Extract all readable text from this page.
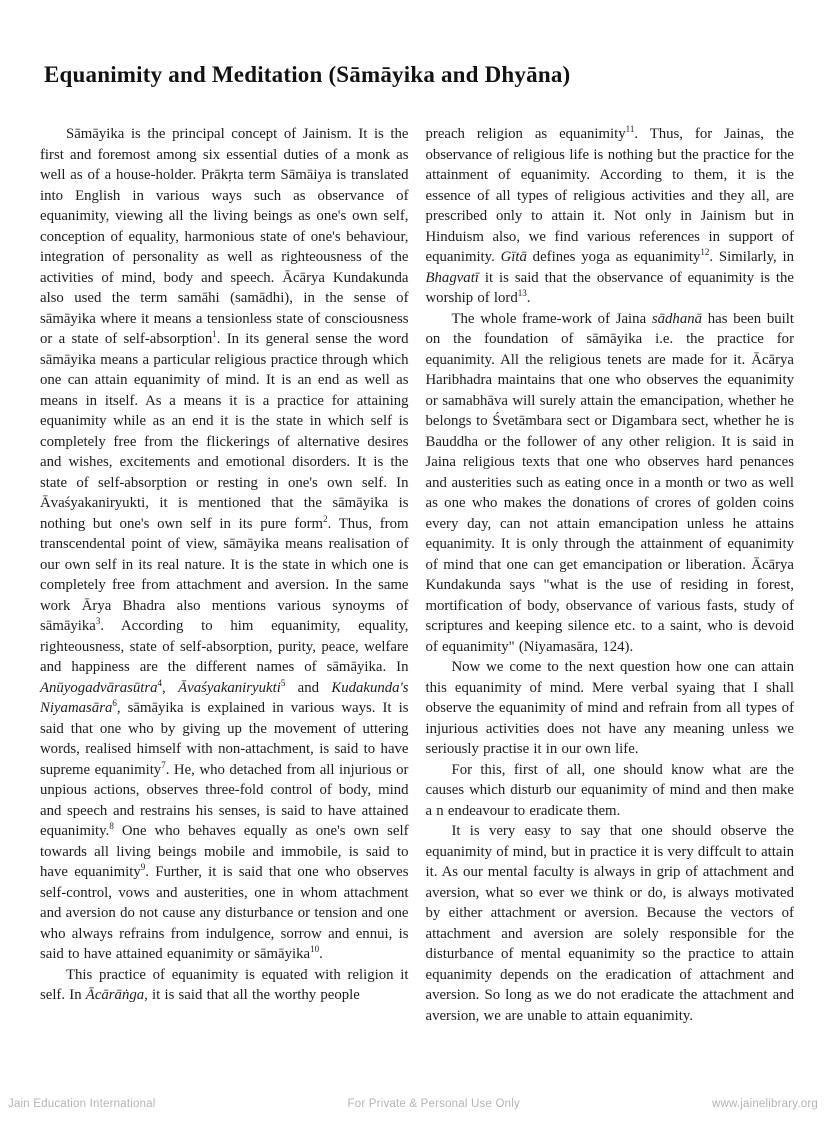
Equanimity and Meditation (Sāmāyika and Dhyāna)

Sāmāyika is the principal concept of Jainism. It is the first and foremost among six essential duties of a monk as well as of a house-holder. Prākṛta term Sāmāiya is translated into English in various ways such as observance of equanimity, viewing all the living beings as one's own self, conception of equality, harmonious state of one's behaviour, integration of personality as well as righteousness of the activities of mind, body and speech. Ācārya Kundakunda also used the term samāhi (samādhi), in the sense of sāmāyika where it means a tensionless state of consciousness or a state of self-absorption$^1$. In its general sense the word sāmāyika means a particular religious practice through which one can attain equanimity of mind. It is an end as well as means in itself. As a means it is a practice for attaining equanimity while as an end it is the state in which self is completely free from the flickerings of alternative desires and wishes, excitements and emotional disorders. It is the state of self-absorption or resting in one's own self. In Āvaśyakaniryukti, it is mentioned that the sāmāyika is nothing but one's own self in its pure form$^2$. Thus, from transcendental point of view, sāmāyika means realisation of our own self in its real nature. It is the state in which one is completely free from attachment and aversion. In the same work Ārya Bhadra also mentions various synoyms of sāmāyika$^3$. According to him equanimity, equality, righteousness, state of self-absorption, purity, peace, welfare and happiness are the different names of sāmāyika. In Anūyogadvārasūtra$^4$, Āvaśyakaniryukti$^5$ and Kudakunda's Niyamasāra$^6$, sāmāyika is explained in various ways. It is said that one who by giving up the movement of uttering words, realised himself with non-attachment, is said to have supreme equanimity$^7$. He, who detached from all injurious or unpious actions, observes three-fold control of body, mind and speech and restrains his senses, is said to have attained equanimity.$^8$ One who behaves equally as one's own self towards all living beings mobile and immobile, is said to have equanimity$^9$. Further, it is said that one who observes self-control, vows and austerities, one in whom attachment and aversion do not cause any disturbance or tension and one who always refrains from indulgence, sorrow and ennui, is said to have attained equanimity or sāmāyika$^{10}$.

This practice of equanimity is equated with religion it self. In Ācārāṅga, it is said that all the worthy people

preach religion as equanimity$^{11}$. Thus, for Jainas, the observance of religious life is nothing but the practice for the attainment of equanimity. According to them, it is the essence of all types of religious activities and they all, are prescribed only to attain it. Not only in Jainism but in Hinduism also, we find various references in support of equanimity. Gītā defines yoga as equanimity$^{12}$. Similarly, in Bhagvatī it is said that the observance of equanimity is the worship of lord$^{13}$.

The whole frame-work of Jaina sādhanā has been built on the foundation of sāmāyika i.e. the practice for equanimity. All the religious tenets are made for it. Ācārya Haribhadra maintains that one who observes the equanimity or samabhāva will surely attain the emancipation, whether he belongs to Śvetāmbara sect or Digambara sect, whether he is Bauddha or the follower of any other religion. It is said in Jaina religious texts that one who observes hard penances and austerities such as eating once in a month or two as well as one who makes the donations of crores of golden coins every day, can not attain emancipation unless he attains equanimity. It is only through the attainment of equanimity of mind that one can get emancipation or liberation. Ācārya Kundakunda says "what is the use of residing in forest, mortification of body, observance of various fasts, study of scriptures and keeping silence etc. to a saint, who is devoid of equanimity" (Niyamasāra, 124).

Now we come to the next question how one can attain this equanimity of mind. Mere verbal syaing that I shall observe the equanimity of mind and refrain from all types of injurious activities does not have any meaning unless we seriously practise it in our own life.

For this, first of all, one should know what are the causes which disturb our equanimity of mind and then make a n endeavour to eradicate them.

It is very easy to say that one should observe the equanimity of mind, but in practice it is very diffcult to attain it. As our mental faculty is always in grip of attachment and aversion, what so ever we think or do, is always motivated by either attachment or aversion. Because the vectors of attachment and aversion are solely responsible for the disturbance of mental equanimity so the practice to attain equanimity depends on the eradication of attachment and aversion. So long as we do not eradicate the attachment and aversion, we are unable to attain equanimity.

Jain Education International	For Private & Personal Use Only	www.jainelibrary.org
